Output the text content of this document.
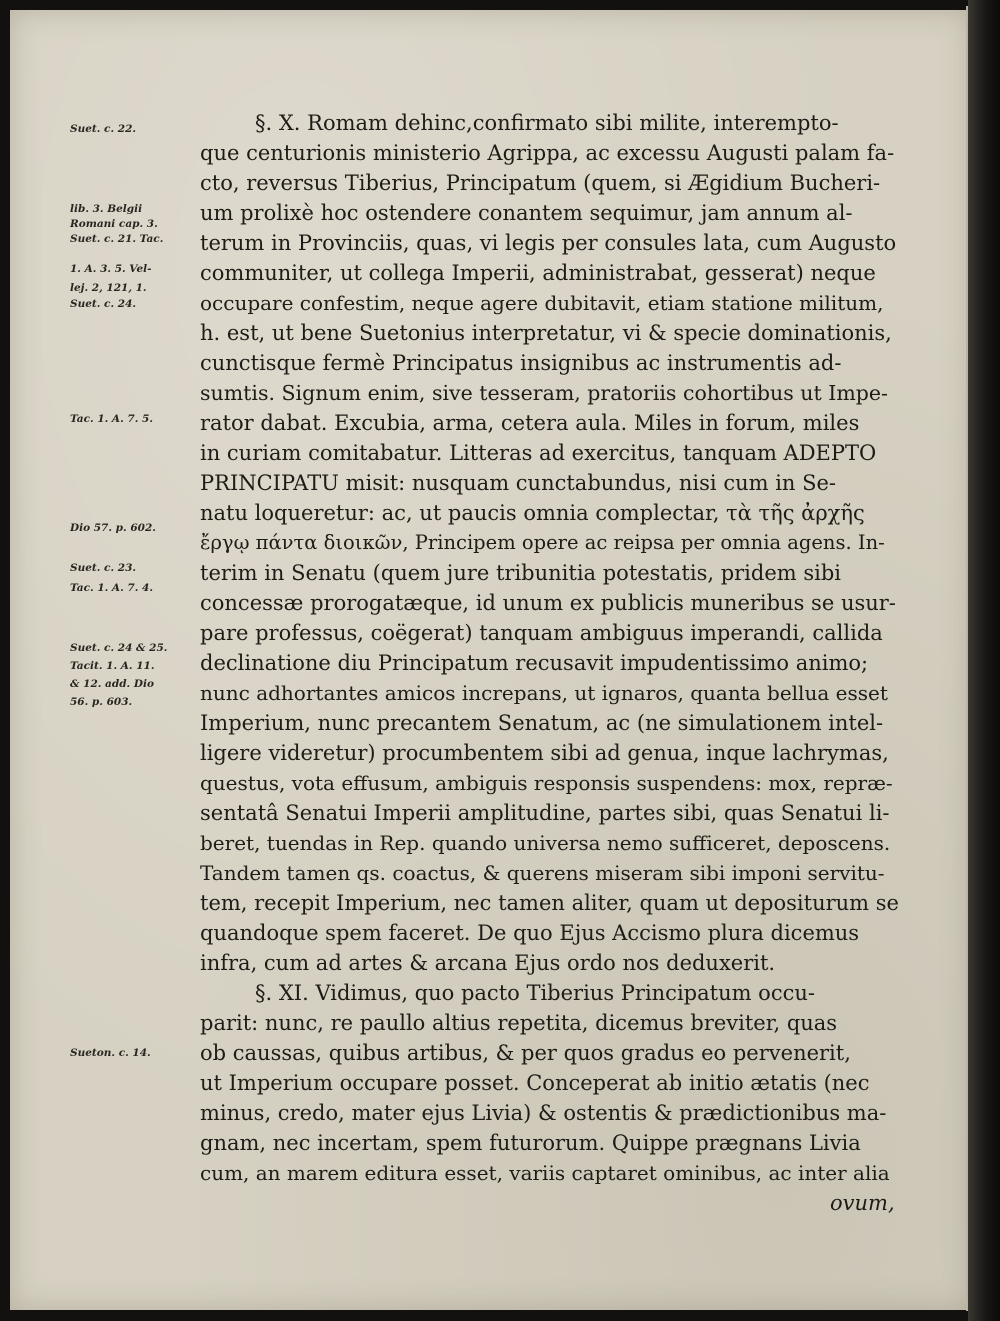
Suet. c. 22.
lib. 3. Belgii
Romani cap. 3.
Suet. c. 21. Tac.
1. A. 3. 5. Vel-
lej. 2, 121, 1.
Suet. c. 24.
Tac. 1. A. 7. 5.
Dio 57. p. 602.
Suet. c. 23.
Tac. 1. A. 7. 4.
Suet. c. 24 & 25.
Tacit. 1. A. 11.
& 12. add. Dio
56. p. 603.
Sueton. c. 14.
§. X. Romam dehinc,confirmato sibi milite, interempto-
que centurionis ministerio Agrippa, ac excessu Augusti palam fa-
cto, reversus Tiberius, Principatum (quem, si Ægidium Bucheri-
um prolixè hoc ostendere conantem sequimur, jam annum al-
terum in Provinciis, quas, vi legis per consules lata, cum Augusto
communiter, ut collega Imperii, administrabat, gesserat) neque
occupare confestim, neque agere dubitavit, etiam statione militum,
h. est, ut bene Suetonius interpretatur, vi & specie dominationis,
cunctisque fermè Principatus insignibus ac instrumentis ad-
sumtis. Signum enim, sive tesseram, pratoriis cohortibus ut Impe-
rator dabat. Excubia, arma, cetera aula. Miles in forum, miles
in curiam comitabatur. Litteras ad exercitus, tanquam ADEPTO
PRINCIPATU misit: nusquam cunctabundus, nisi cum in Se-
natu loqueretur: ac, ut paucis omnia complectar, τὰ τῆς ἀρχῆς
ἔργῳ πάντα διοικῶν, Principem opere ac reipsa per omnia agens. In-
terim in Senatu (quem jure tribunitia potestatis, pridem sibi
concessæ prorogatæque, id unum ex publicis muneribus se usur-
pare professus, coëgerat) tanquam ambiguus imperandi, callida
declinatione diu Principatum recusavit impudentissimo animo;
nunc adhortantes amicos increpans, ut ignaros, quanta bellua esset
Imperium, nunc precantem Senatum, ac (ne simulationem intel-
ligere videretur) procumbentem sibi ad genua, inque lachrymas,
questus, vota effusum, ambiguis responsis suspendens: mox, repræ-
sentatâ Senatui Imperii amplitudine, partes sibi, quas Senatui li-
beret, tuendas in Rep. quando universa nemo sufficeret, deposcens.
Tandem tamen qs. coactus, & querens miseram sibi imponi servitu-
tem, recepit Imperium, nec tamen aliter, quam ut depositurum se
quandoque spem faceret. De quo Ejus Accismo plura dicemus
infra, cum ad artes & arcana Ejus ordo nos deduxerit.
§. XI. Vidimus, quo pacto Tiberius Principatum occu-
parit: nunc, re paullo altius repetita, dicemus breviter, quas
ob caussas, quibus artibus, & per quos gradus eo pervenerit,
ut Imperium occupare posset. Conceperat ab initio ætatis (nec
minus, credo, mater ejus Livia) & ostentis & prædictionibus ma-
gnam, nec incertam, spem futurorum. Quippe prægnans Livia
cum, an marem editura esset, variis captaret ominibus, ac inter alia
ovum,
